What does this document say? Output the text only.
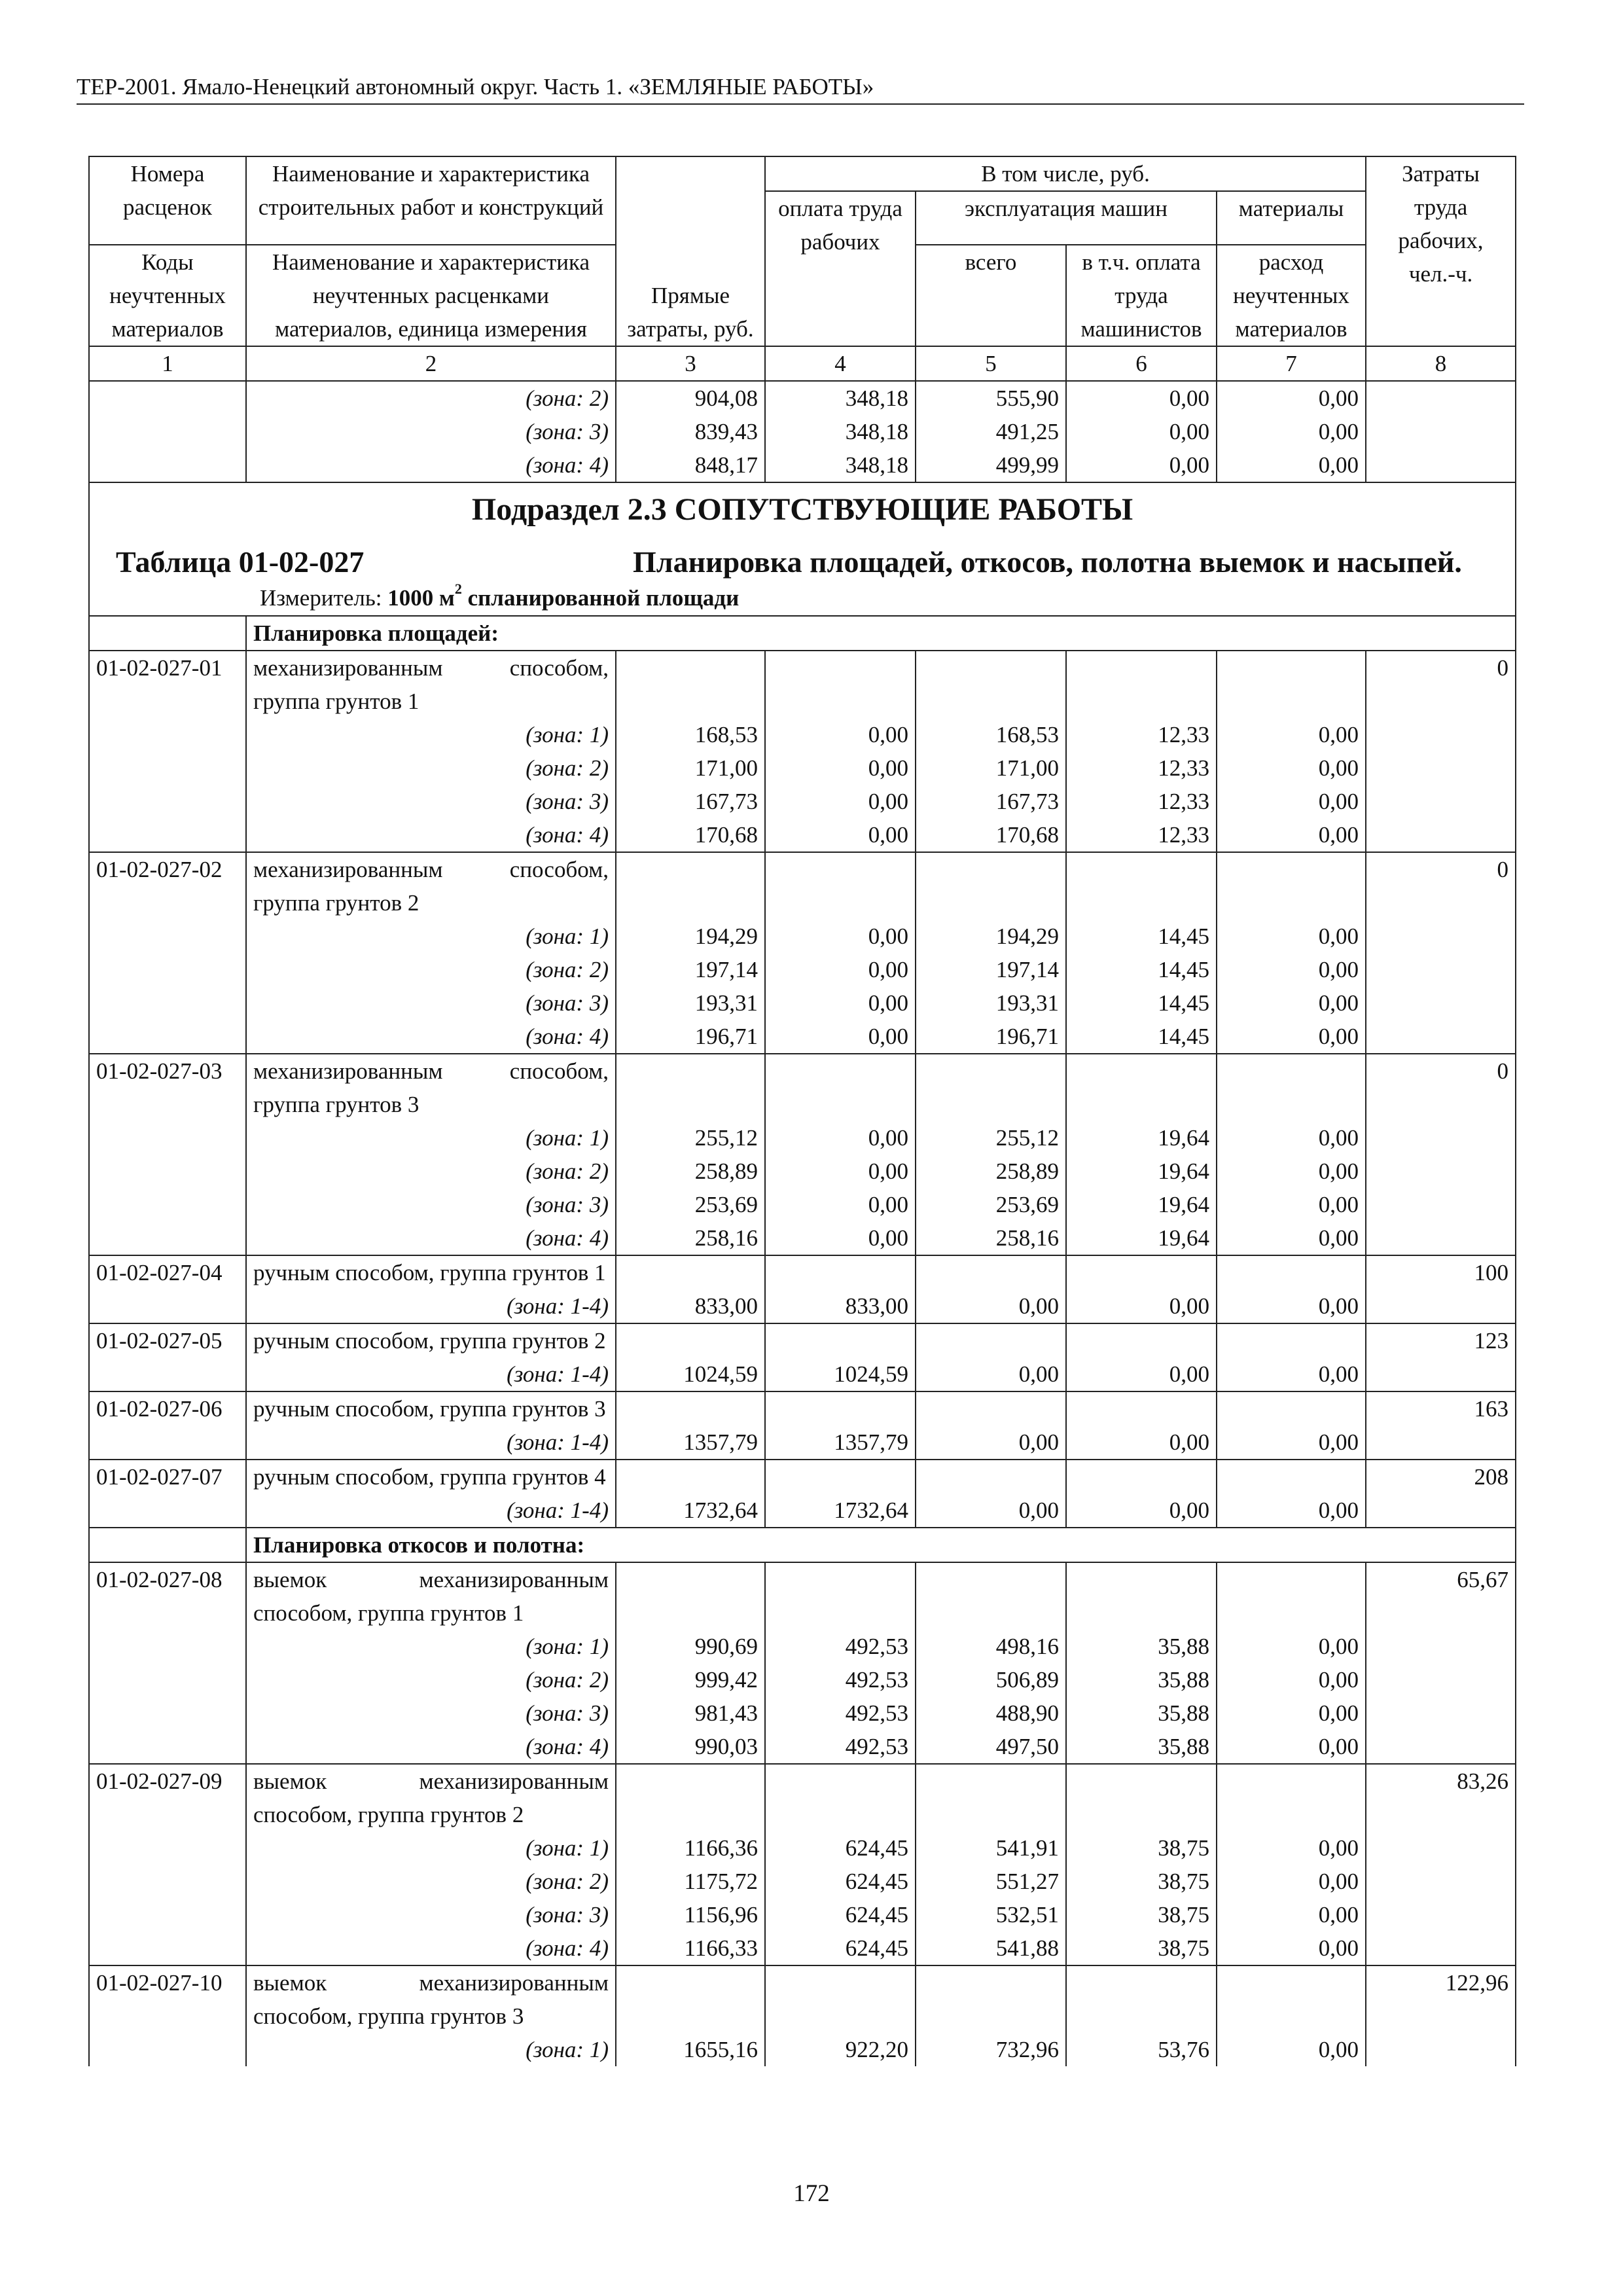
ТЕР-2001. Ямало-Ненецкий автономный округ. Часть 1. «ЗЕМЛЯНЫЕ РАБОТЫ»
Номера расценок	Наименование и характеристика строительных работ и конструкций	Прямые затраты, руб.	В том числе, руб.				Затраты труда рабочих, чел.-ч.
			оплата труда рабочих	эксплуатация машин		материалы	
Коды неучтенных материалов	Наименование и характеристика неучтенных расценками материалов, единица измерения			всего	в т.ч. оплата труда машинистов	расход неучтенных материалов	
1	2	3	4	5	6	7	8
	(зона: 2)	904,08	348,18	555,90	0,00	0,00	
	(зона: 3)	839,43	348,18	491,25	0,00	0,00	
	(зона: 4)	848,17	348,18	499,99	0,00	0,00	

Подраздел 2.3 СОПУТСТВУЮЩИЕ РАБОТЫ
Таблица 01-02-027 Планировка площадей, откосов, полотна выемок и насыпей.
Измеритель: 1000 $м^2$ спланированной площади							

	Планировка площадей:						
01-02-027-01	механизированным способом, группа грунтов 1						0
	(зона: 1)	168,53	0,00	168,53	12,33	0,00	
	(зона: 2)	171,00	0,00	171,00	12,33	0,00	
	(зона: 3)	167,73	0,00	167,73	12,33	0,00	
	(зона: 4)	170,68	0,00	170,68	12,33	0,00	
01-02-027-02	механизированным способом, группа грунтов 2						0
	(зона: 1)	194,29	0,00	194,29	14,45	0,00	
	(зона: 2)	197,14	0,00	197,14	14,45	0,00	
	(зона: 3)	193,31	0,00	193,31	14,45	0,00	
	(зона: 4)	196,71	0,00	196,71	14,45	0,00	
01-02-027-03	механизированным способом, группа грунтов 3						0
	(зона: 1)	255,12	0,00	255,12	19,64	0,00	
	(зона: 2)	258,89	0,00	258,89	19,64	0,00	
	(зона: 3)	253,69	0,00	253,69	19,64	0,00	
	(зона: 4)	258,16	0,00	258,16	19,64	0,00	
01-02-027-04	ручным способом, группа грунтов 1						100
	(зона: 1-4)	833,00	833,00	0,00	0,00	0,00	
01-02-027-05	ручным способом, группа грунтов 2						123
	(зона: 1-4)	1024,59	1024,59	0,00	0,00	0,00	
01-02-027-06	ручным способом, группа грунтов 3						163
	(зона: 1-4)	1357,79	1357,79	0,00	0,00	0,00	
01-02-027-07	ручным способом, группа грунтов 4						208
	(зона: 1-4)	1732,64	1732,64	0,00	0,00	0,00	
	Планировка откосов и полотна:						
01-02-027-08	выемок механизированным способом, группа грунтов 1						65,67
	(зона: 1)	990,69	492,53	498,16	35,88	0,00	
	(зона: 2)	999,42	492,53	506,89	35,88	0,00	
	(зона: 3)	981,43	492,53	488,90	35,88	0,00	
	(зона: 4)	990,03	492,53	497,50	35,88	0,00	
01-02-027-09	выемок механизированным способом, группа грунтов 2						83,26
	(зона: 1)	1166,36	624,45	541,91	38,75	0,00	
	(зона: 2)	1175,72	624,45	551,27	38,75	0,00	
	(зона: 3)	1156,96	624,45	532,51	38,75	0,00	
	(зона: 4)	1166,33	624,45	541,88	38,75	0,00	
01-02-027-10	выемок механизированным способом, группа грунтов 3						122,96
	(зона: 1)	1655,16	922,20	732,96	53,76	0,00	
172
